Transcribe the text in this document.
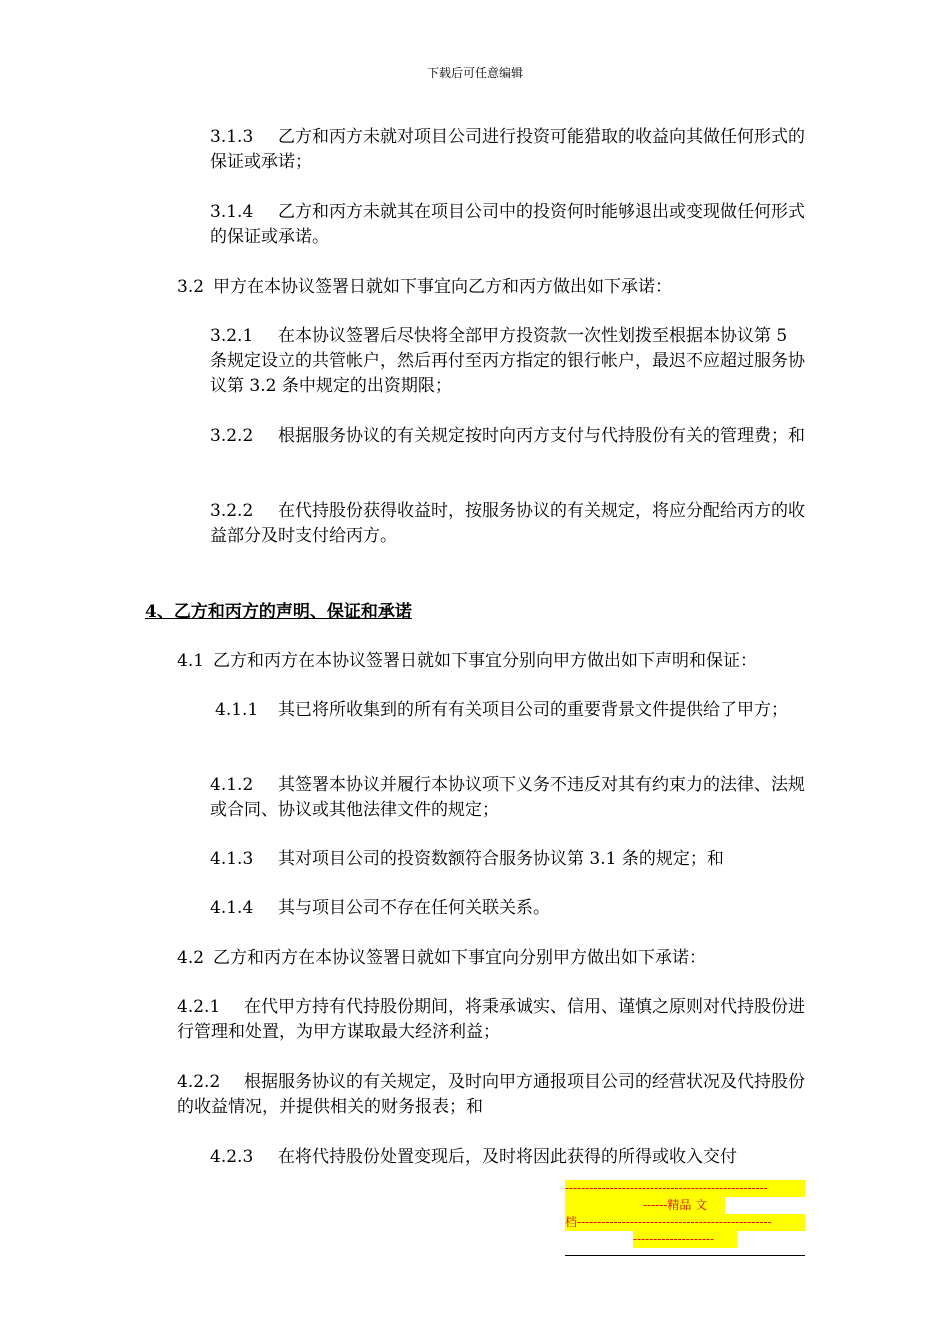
下载后可任意编辑

3.1.3 乙方和丙方未就对项目公司进行投资可能猎取的收益向其做任何形式的保证或承诺；

3.1.4 乙方和丙方未就其在项目公司中的投资何时能够退出或变现做任何形式的保证或承诺。

3.2 甲方在本协议签署日就如下事宜向乙方和丙方做出如下承诺：

3.2.1 在本协议签署后尽快将全部甲方投资款一次性划拨至根据本协议第 5 条规定设立的共管帐户，然后再付至丙方指定的银行帐户，最迟不应超过服务协议第 3.2 条中规定的出资期限；

3.2.2 根据服务协议的有关规定按时向丙方支付与代持股份有关的管理费；和

3.2.2 在代持股份获得收益时，按服务协议的有关规定，将应分配给丙方的收益部分及时支付给丙方。

4、乙方和丙方的声明、保证和承诺

4.1 乙方和丙方在本协议签署日就如下事宜分别向甲方做出如下声明和保证：

4.1.1 其已将所收集到的所有有关项目公司的重要背景文件提供给了甲方；

4.1.2 其签署本协议并履行本协议项下义务不违反对其有约束力的法律、法规或合同、协议或其他法律文件的规定；

4.1.3 其对项目公司的投资数额符合服务协议第 3.1 条的规定；和

4.1.4 其与项目公司不存在任何关联关系。

4.2 乙方和丙方在本协议签署日就如下事宜向分别甲方做出如下承诺：

4.2.1 在代甲方持有代持股份期间，将秉承诚实、信用、谨慎之原则对代持股份进行管理和处置，为甲方谋取最大经济利益；

4.2.2 根据服务协议的有关规定，及时向甲方通报项目公司的经营状况及代持股份的收益情况，并提供相关的财务报表；和

4.2.3 在将代持股份处置变现后，及时将因此获得的所得或收入交付

--------------------------------------------------
------精品 文
档------------------------------------------------
--------------------
